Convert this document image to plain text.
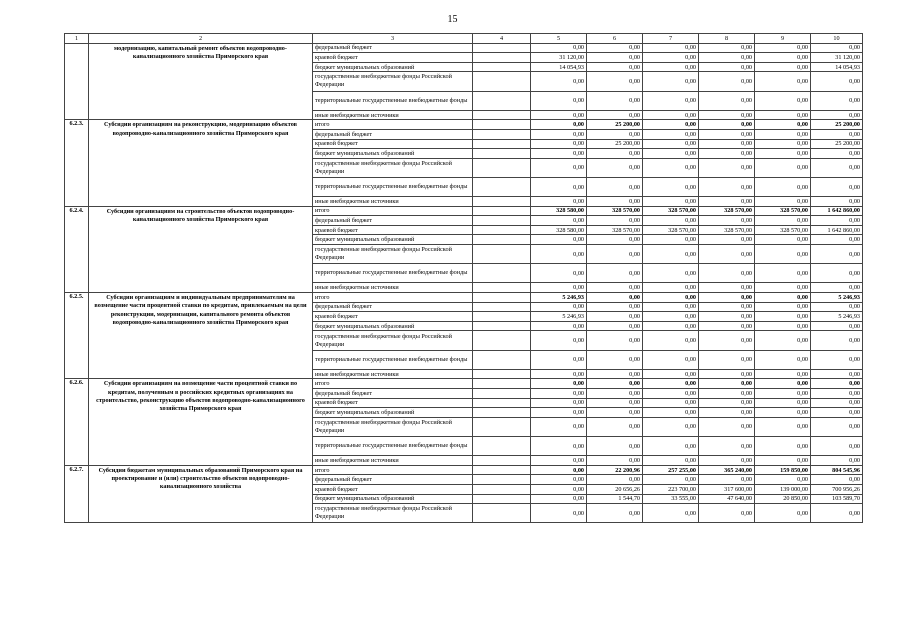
15
1	2	3	4	5	6	7	8	9	10
	модернизацию, капитальный ремонт объектов водопроводно-канализационного хозяйства Приморского края	федеральный бюджет		0,00	0,00	0,00	0,00	0,00	0,00
		краевой бюджет		31 120,00	0,00	0,00	0,00	0,00	31 120,00
		бюджет муниципальных образований		14 054,93	0,00	0,00	0,00	0,00	14 054,93
		государственные внебюджетные фонды Российской Федерации		0,00	0,00	0,00	0,00	0,00	0,00
		территориальные государственные внебюджетные фонды		0,00	0,00	0,00	0,00	0,00	0,00
		иные внебюджетные источники		0,00	0,00	0,00	0,00	0,00	0,00
6.2.3.	Субсидии организациям на реконструкцию, модернизацию объектов водопроводно-канализационного хозяйства Приморского края	итого		0,00	25 200,00	0,00	0,00	0,00	25 200,00
		федеральный бюджет		0,00	0,00	0,00	0,00	0,00	0,00
		краевой бюджет		0,00	25 200,00	0,00	0,00	0,00	25 200,00
		бюджет муниципальных образований		0,00	0,00	0,00	0,00	0,00	0,00
		государственные внебюджетные фонды Российской Федерации		0,00	0,00	0,00	0,00	0,00	0,00
		территориальные государственные внебюджетные фонды		0,00	0,00	0,00	0,00	0,00	0,00
		иные внебюджетные источники		0,00	0,00	0,00	0,00	0,00	0,00
6.2.4.	Субсидии организациям на строительство объектов водопроводно-канализационного хозяйства Приморского края	итого		328 580,00	328 570,00	328 570,00	328 570,00	328 570,00	1 642 860,00
		федеральный бюджет		0,00	0,00	0,00	0,00	0,00	0,00
		краевой бюджет		328 580,00	328 570,00	328 570,00	328 570,00	328 570,00	1 642 860,00
		бюджет муниципальных образований		0,00	0,00	0,00	0,00	0,00	0,00
		государственные внебюджетные фонды Российской Федерации		0,00	0,00	0,00	0,00	0,00	0,00
		территориальные государственные внебюджетные фонды		0,00	0,00	0,00	0,00	0,00	0,00
		иные внебюджетные источники		0,00	0,00	0,00	0,00	0,00	0,00
6.2.5.	Субсидии организациям и индивидуальным предпринимателям на возмещение части процентной ставки по кредитам, привлекаемым на цели реконструкции, модернизации, капитального ремонта объектов водопроводно-канализационного хозяйства Приморского края	итого		5 246,93	0,00	0,00	0,00	0,00	5 246,93
		федеральный бюджет		0,00	0,00	0,00	0,00	0,00	0,00
		краевой бюджет		5 246,93	0,00	0,00	0,00	0,00	5 246,93
		бюджет муниципальных образований		0,00	0,00	0,00	0,00	0,00	0,00
		государственные внебюджетные фонды Российской Федерации		0,00	0,00	0,00	0,00	0,00	0,00
		территориальные государственные внебюджетные фонды		0,00	0,00	0,00	0,00	0,00	0,00
		иные внебюджетные источники		0,00	0,00	0,00	0,00	0,00	0,00
6.2.6.	Субсидии организациям на возмещение части процентной ставки по кредитам, полученным в российских кредитных организациях на строительство, реконструкцию объектов водопроводно-канализационного хозяйства Приморского края	итого		0,00	0,00	0,00	0,00	0,00	0,00
		федеральный бюджет		0,00	0,00	0,00	0,00	0,00	0,00
		краевой бюджет		0,00	0,00	0,00	0,00	0,00	0,00
		бюджет муниципальных образований		0,00	0,00	0,00	0,00	0,00	0,00
		государственные внебюджетные фонды Российской Федерации		0,00	0,00	0,00	0,00	0,00	0,00
		территориальные государственные внебюджетные фонды		0,00	0,00	0,00	0,00	0,00	0,00
		иные внебюджетные источники		0,00	0,00	0,00	0,00	0,00	0,00
6.2.7.	Субсидии бюджетам муниципальных образований Приморского края на проектирование и (или) строительство объектов водопроводно-канализационного хозяйства	итого		0,00	22 200,96	257 255,00	365 240,00	159 850,00	804 545,96
		федеральный бюджет		0,00	0,00	0,00	0,00	0,00	0,00
		краевой бюджет		0,00	20 656,26	223 700,00	317 600,00	139 000,00	700 956,26
		бюджет муниципальных образований		0,00	1 544,70	33 555,00	47 640,00	20 850,00	103 589,70
		государственные внебюджетные фонды Российской Федерации		0,00	0,00	0,00	0,00	0,00	0,00
